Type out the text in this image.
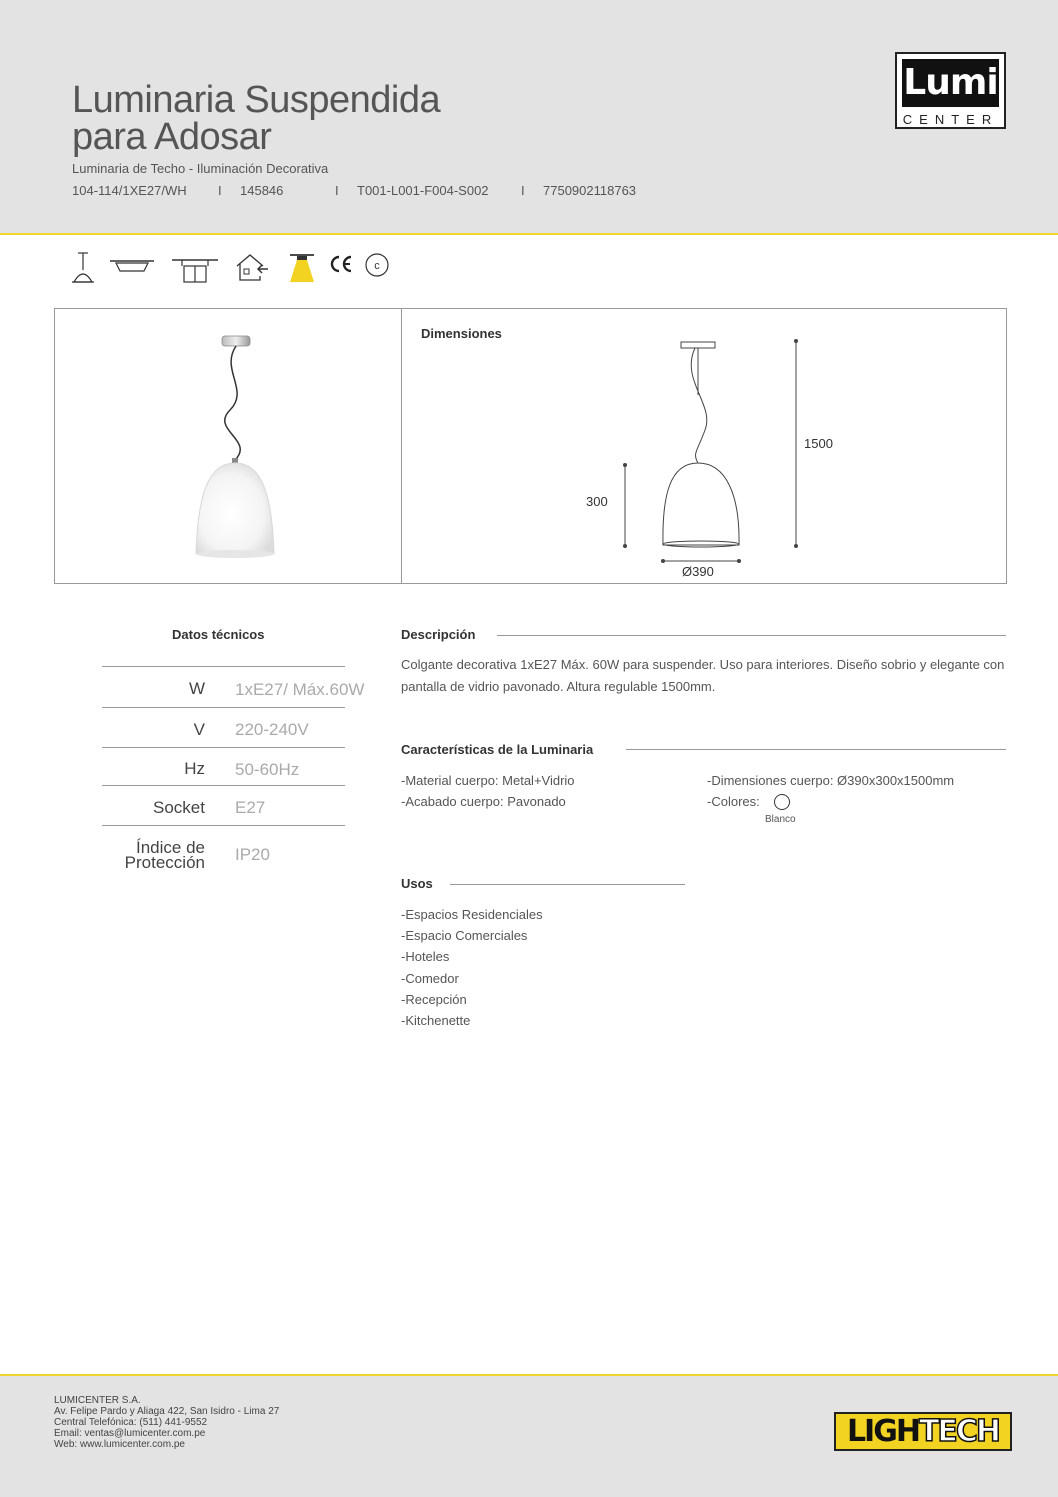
Luminaria Suspendida
para Adosar
Luminaria de Techo - Iluminación Decorativa
104-114/1XE27/WH	I	145846	I	T001-L001-F004-S002	I	7750902118763
Lumi
CENTER
c
Dimensiones
1500
300
Ø390
Datos técnicos
W 1xE27/ Máx.60W
V 220-240V
Hz 50-60Hz
Socket E27
Índice de
Protección IP20
Descripción
Colgante decorativa 1xE27 Máx. 60W para suspender. Uso para interiores. Diseño sobrio y elegante con pantalla de vidrio pavonado. Altura regulable 1500mm.
Características de la Luminaria
-Material cuerpo: Metal+Vidrio
-Acabado cuerpo: Pavonado
-Dimensiones cuerpo: Ø390x300x1500mm
-Colores:
Blanco
Usos
-Espacios Residenciales
-Espacio Comerciales
-Hoteles
-Comedor
-Recepción
-Kitchenette
LUMICENTER S.A.
Av. Felipe Pardo y Aliaga 422, San Isidro - Lima 27
Central Telefónica: (511) 441-9552
Email: ventas@lumicenter.com.pe
Web: www.lumicenter.com.pe	LIGH TECH
